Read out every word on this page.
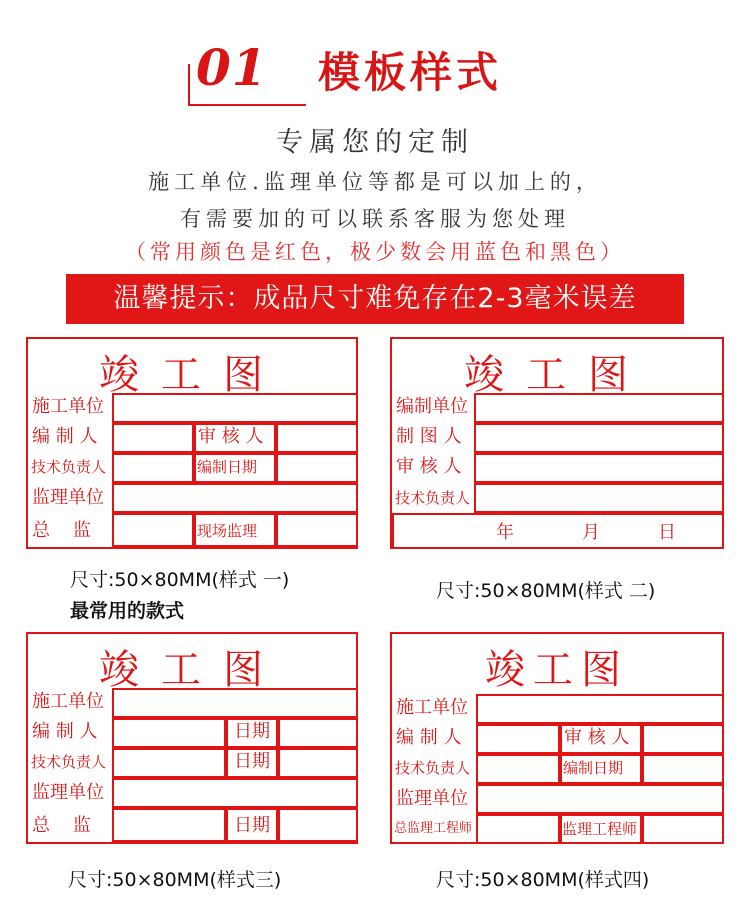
01 模板样式
专属您的定制
施工单位.监理单位等都是可以加上的，
有需要加的可以联系客服为您处理
（常用颜色是红色，极少数会用蓝色和黑色）
温馨提示：成品尺寸难免存在2-3毫米误差
竣工图
施工单位
编 制 人	审 核 人
技术负责人	编制日期
监理单位
总    监	现场监理
尺寸:50×80MM(样式 一)
最常用的款式
竣工图
编制单位
制 图 人
审 核 人
技术负责人
年	月	日
尺寸:50×80MM(样式 二)
竣工图
施工单位
编 制 人	日期
技术负责人	日期
监理单位
总    监	日期
尺寸:50×80MM(样式三)
竣工图
施工单位
编 制 人	审 核 人
技术负责人	编制日期
监理单位
总监理工程师	监理工程师
尺寸:50×80MM(样式四)
